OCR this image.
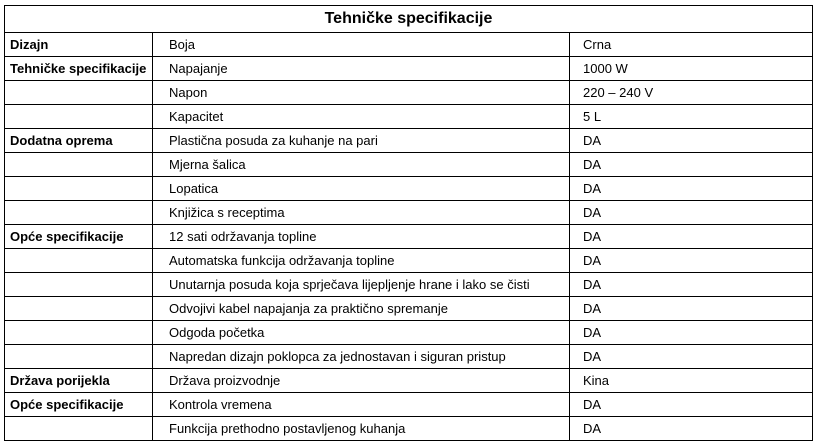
Tehničke specifikacije		
Dizajn	Boja	Crna
Tehničke specifikacije	Napajanje	1000 W
	Napon	220 – 240 V
	Kapacitet	5 L
Dodatna oprema	Plastična posuda za kuhanje na pari	DA
	Mjerna šalica	DA
	Lopatica	DA
	Knjižica s receptima	DA
Opće specifikacije	12 sati održavanja topline	DA
	Automatska funkcija održavanja topline	DA
	Unutarnja posuda koja sprječava lijepljenje hrane i lako se čisti	DA
	Odvojivi kabel napajanja za praktično spremanje	DA
	Odgoda početka	DA
	Napredan dizajn poklopca za jednostavan i siguran pristup	DA
Država porijekla	Država proizvodnje	Kina
Opće specifikacije	Kontrola vremena	DA
	Funkcija prethodno postavljenog kuhanja	DA
